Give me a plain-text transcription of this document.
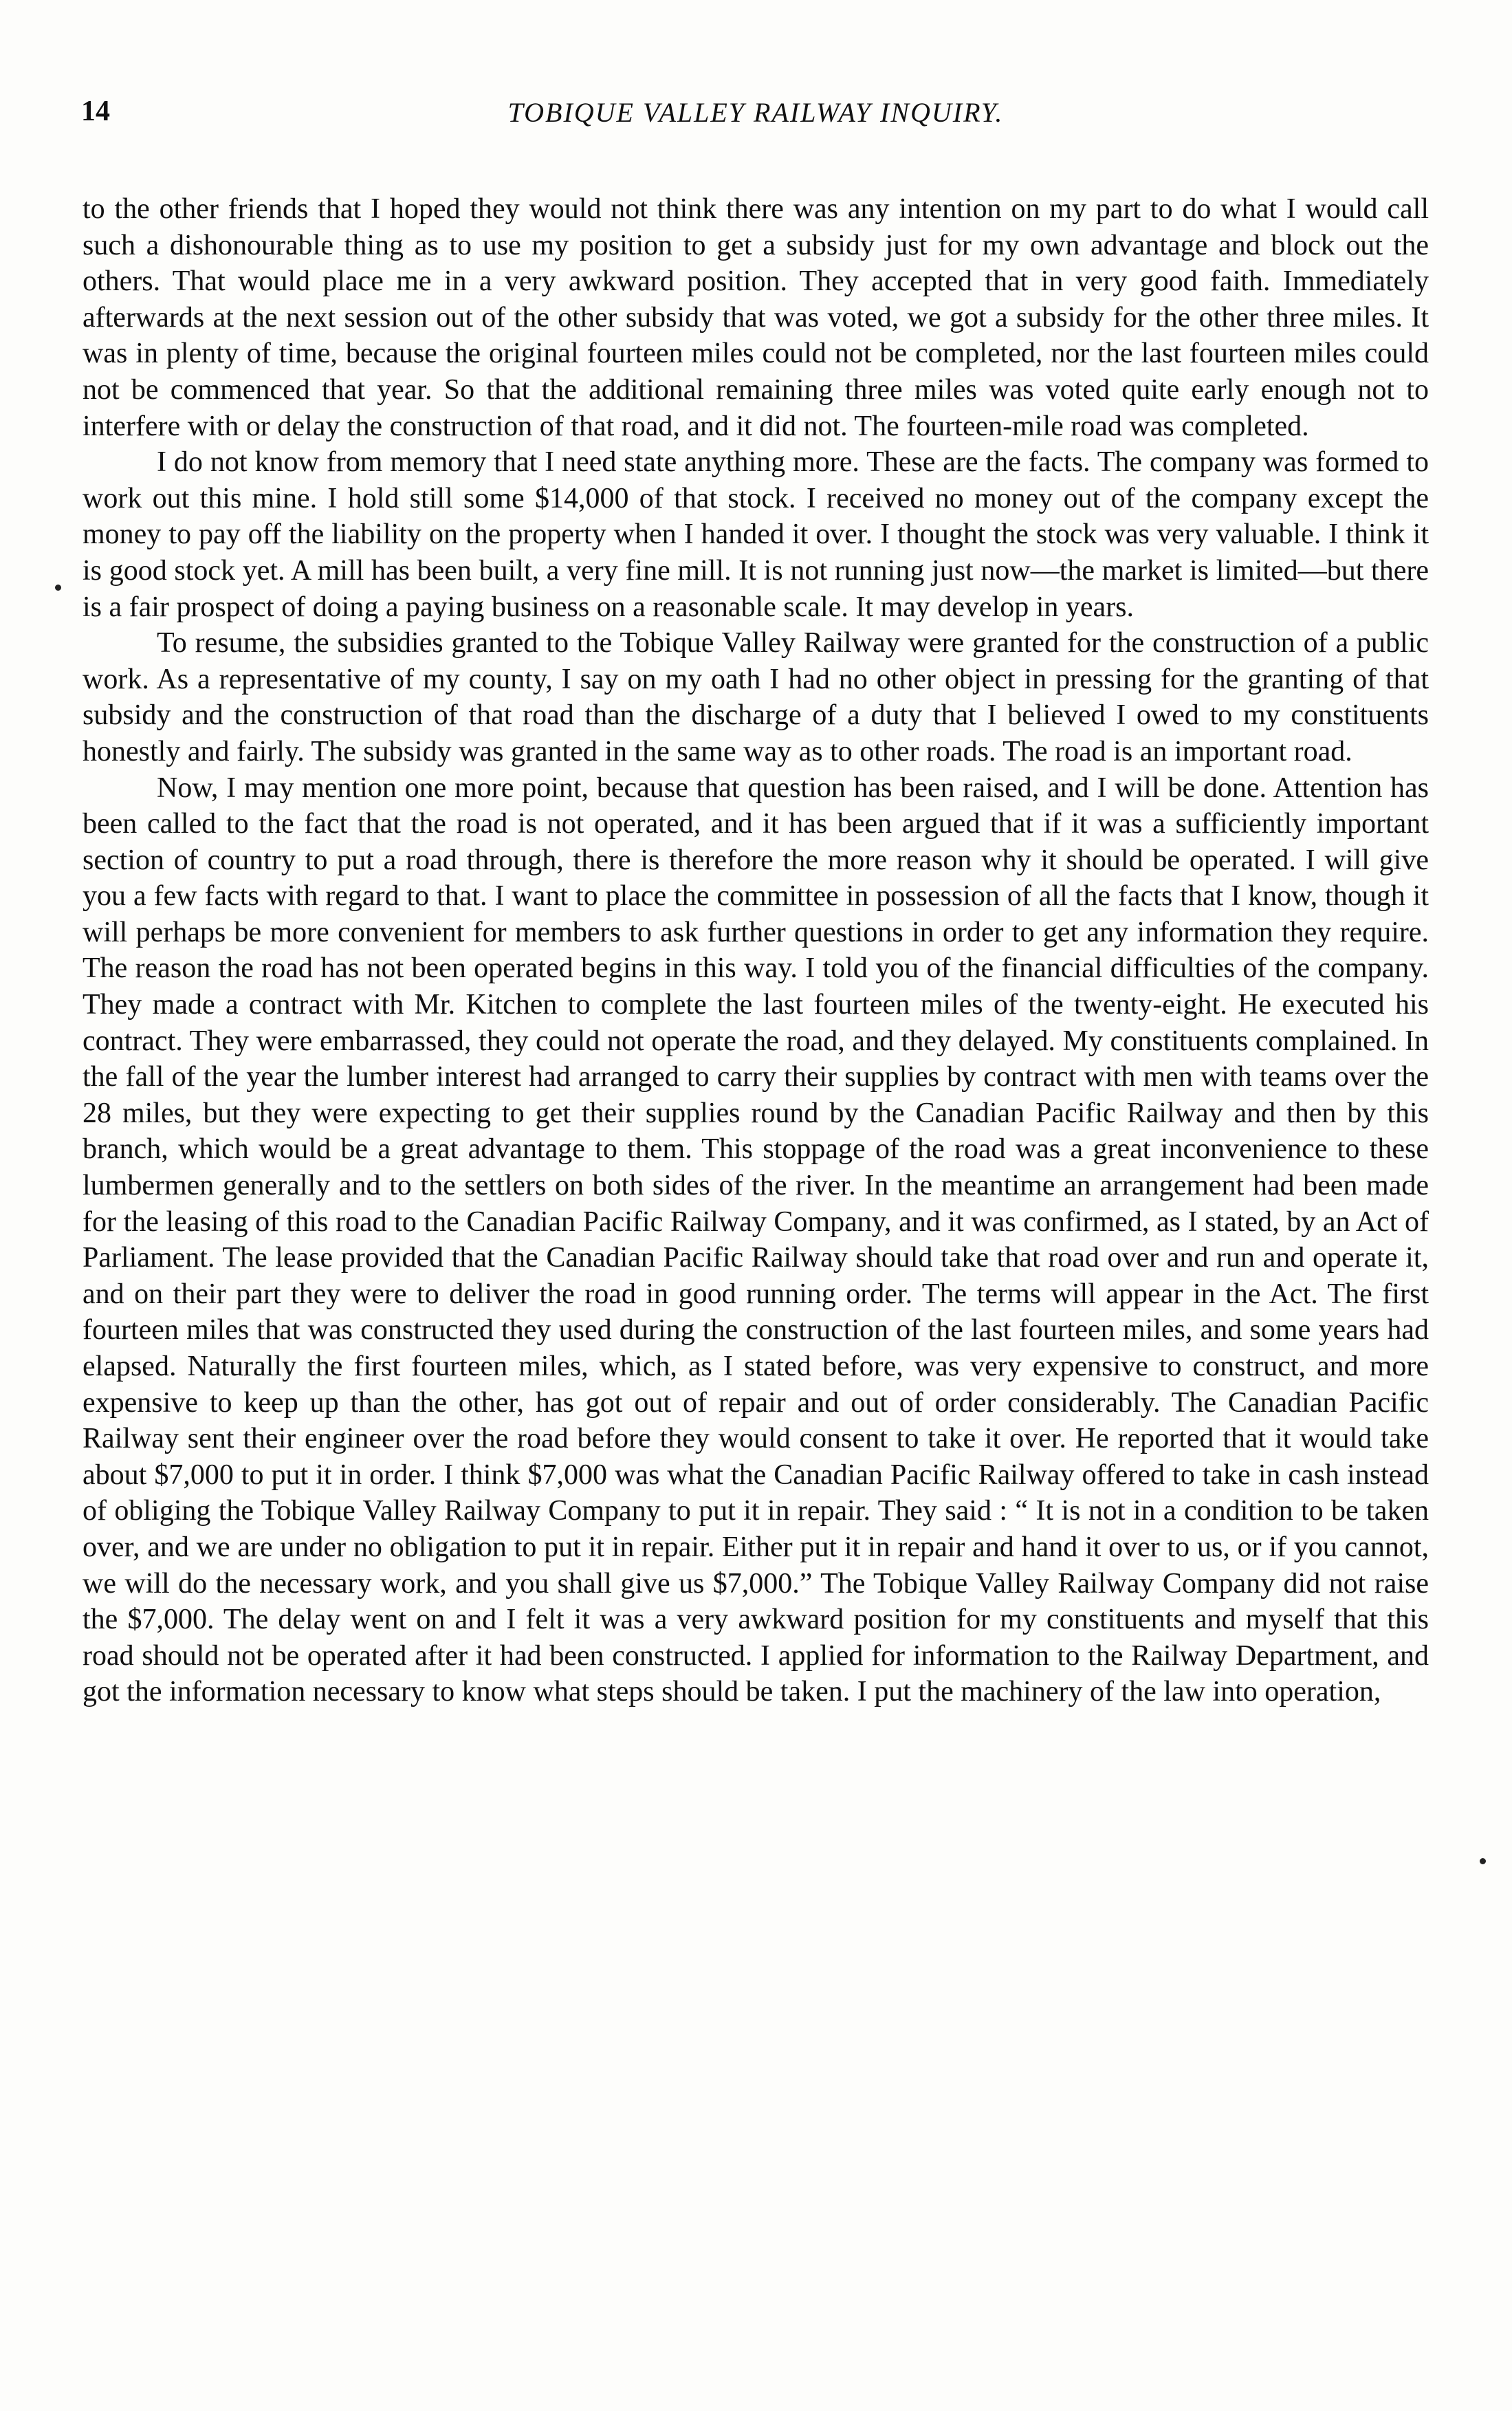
14	TOBIQUE VALLEY RAILWAY INQUIRY.

to the other friends that I hoped they would not think there was any intention on my part to do what I would call such a dishonourable thing as to use my position to get a subsidy just for my own advantage and block out the others. That would place me in a very awkward position. They accepted that in very good faith. Immediately afterwards at the next session out of the other subsidy that was voted, we got a subsidy for the other three miles. It was in plenty of time, because the original fourteen miles could not be completed, nor the last fourteen miles could not be commenced that year. So that the additional remaining three miles was voted quite early enough not to interfere with or delay the construction of that road, and it did not. The fourteen-mile road was completed.

I do not know from memory that I need state anything more. These are the facts. The company was formed to work out this mine. I hold still some $14,000 of that stock. I received no money out of the company except the money to pay off the liability on the property when I handed it over. I thought the stock was very valuable. I think it is good stock yet. A mill has been built, a very fine mill. It is not running just now—the market is limited—but there is a fair prospect of doing a paying business on a reasonable scale. It may develop in years.

To resume, the subsidies granted to the Tobique Valley Railway were granted for the construction of a public work. As a representative of my county, I say on my oath I had no other object in pressing for the granting of that subsidy and the construction of that road than the discharge of a duty that I believed I owed to my constituents honestly and fairly. The subsidy was granted in the same way as to other roads. The road is an important road.

Now, I may mention one more point, because that question has been raised, and I will be done. Attention has been called to the fact that the road is not operated, and it has been argued that if it was a sufficiently important section of country to put a road through, there is therefore the more reason why it should be operated. I will give you a few facts with regard to that. I want to place the committee in possession of all the facts that I know, though it will perhaps be more convenient for members to ask further questions in order to get any information they require. The reason the road has not been operated begins in this way. I told you of the financial difficulties of the company. They made a contract with Mr. Kitchen to complete the last fourteen miles of the twenty-eight. He executed his contract. They were embarrassed, they could not operate the road, and they delayed. My constituents complained. In the fall of the year the lumber interest had arranged to carry their supplies by contract with men with teams over the 28 miles, but they were expecting to get their supplies round by the Canadian Pacific Railway and then by this branch, which would be a great advantage to them. This stoppage of the road was a great inconvenience to these lumbermen generally and to the settlers on both sides of the river. In the meantime an arrangement had been made for the leasing of this road to the Canadian Pacific Railway Company, and it was confirmed, as I stated, by an Act of Parliament. The lease provided that the Canadian Pacific Railway should take that road over and run and operate it, and on their part they were to deliver the road in good running order. The terms will appear in the Act. The first fourteen miles that was constructed they used during the construction of the last fourteen miles, and some years had elapsed. Naturally the first fourteen miles, which, as I stated before, was very expensive to construct, and more expensive to keep up than the other, has got out of repair and out of order considerably. The Canadian Pacific Railway sent their engineer over the road before they would consent to take it over. He reported that it would take about $7,000 to put it in order. I think $7,000 was what the Canadian Pacific Railway offered to take in cash instead of obliging the Tobique Valley Railway Company to put it in repair. They said : “ It is not in a condition to be taken over, and we are under no obligation to put it in repair. Either put it in repair and hand it over to us, or if you cannot, we will do the necessary work, and you shall give us $7,000.” The Tobique Valley Railway Company did not raise the $7,000. The delay went on and I felt it was a very awkward position for my constituents and myself that this road should not be operated after it had been constructed. I applied for information to the Railway Department, and got the information necessary to know what steps should be taken. I put the machinery of the law into operation,
